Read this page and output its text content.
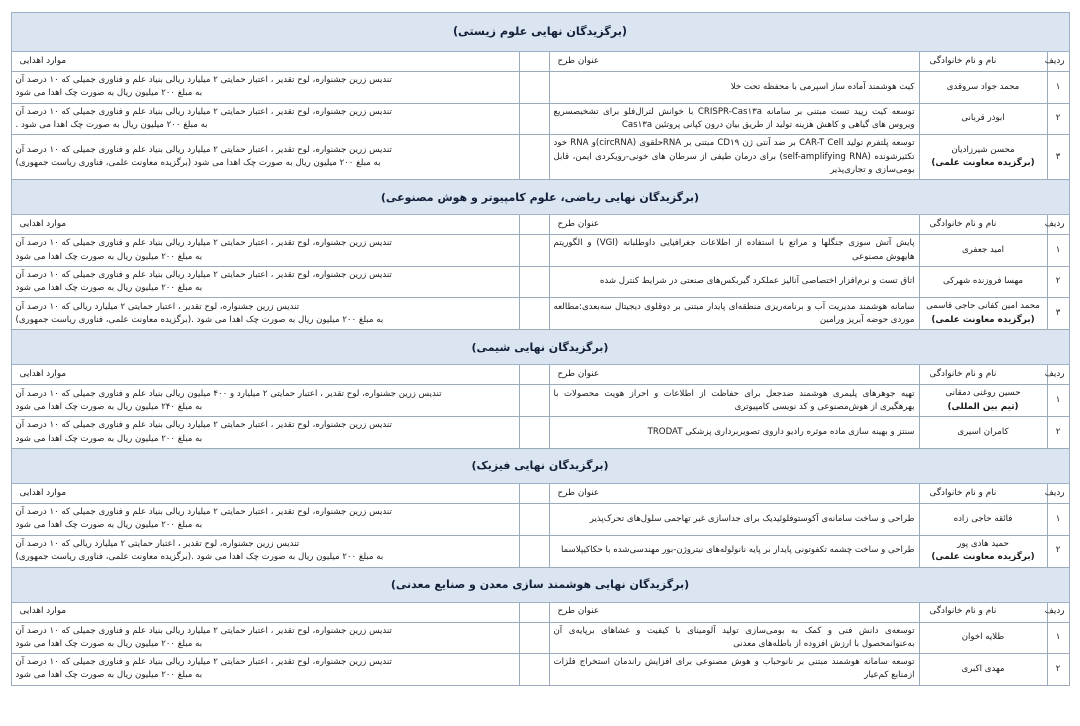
(برگزیدگان نهایی علوم زیستی)				
ردیف	نام و نام خانوادگی	عنوان طرح		موارد اهدایی
۱	محمد جواد سروقدی	کیت هوشمند آماده ساز اسپرمی با محفظه تحت خلا		تندیس زرین جشنواره، لوح تقدیر ، اعتبار حمایتی ۲ میلیارد ریالی بنیاد علم و فناوری جمیلی که ۱۰ درصد آن
به مبلغ ۲۰۰ میلیون ریال به صورت چک اهدا می شود

۲	ابوذر قربانی	توسعه کیت رپید تست مبتنی بر سامانه CRISPR-Cas۱۳a با خوانش لترال‌فلو برای تشخیصسریع ویروس های گیاهی و کاهش هزینه تولید از طریق بیان درون کپانی پروتئین Cas۱۳a		تندیس زرین جشنواره، لوح تقدیر ، اعتبار حمایتی ۲ میلیارد ریالی بنیاد علم و فناوری جمیلی که ۱۰ درصد آن
به مبلغ ۲۰۰ میلیون ریال به صورت چک اهدا می شود .

۳	محسن شیرزادیان
(برگزیده معاونت علمی)	توسعه پلتفرم تولید CAR-T Cell بر ضد آنتی ژن CD۱۹ مبتنی بر RNAحلقوی (circRNA)و RNA خود تکثیرشونده (self-amplifying RNA) برای درمان طیفی از سرطان های خونی-رویکردی ایمن، قابل بومی‌سازی و تجاری‌پذیر		تندیس زرین جشنواره، لوح تقدیر ، اعتبار حمایتی ۲ میلیارد ریالی بنیاد علم و فناوری جمیلی که ۱۰ درصد آن
به مبلغ ۲۰۰ میلیون ریال به صورت چک اهدا می شود (برگزیده معاونت علمی، فناوری ریاست جمهوری)

(برگزیدگان نهایی ریاضی، علوم کامپیوتر و هوش مصنوعی)				
ردیف	نام و نام خانوادگی	عنوان طرح		موارد اهدایی
۱	امید جعفری	پایش آتش سوزی جنگلها و مراتع با استفاده از اطلاعات جغرافیایی داوطلبانه (VGI) و الگوریتم هایهوش مصنوعی		تندیس زرین جشنواره، لوح تقدیر ، اعتبار حمایتی ۲ میلیارد ریالی بنیاد علم و فناوری جمیلی که ۱۰ درصد آن
به مبلغ ۲۰۰ میلیون ریال به صورت چک اهدا می شود

۲	مهسا فروزنده شهرکی	اتاق تست و نرم‌افزار اختصاصی آنالیز عملکرد گیربکس‌های صنعتی در شرایط کنترل شده		تندیس زرین جشنواره، لوح تقدیر ، اعتبار حمایتی ۲ میلیارد ریالی بنیاد علم و فناوری جمیلی که ۱۰ درصد آن
به مبلغ ۲۰۰ میلیون ریال به صورت چک اهدا می شود

۳	محمد امین کفانی حاجی قاسمی
(برگزیده معاونت علمی)	سامانه هوشمند مدیریت آب و برنامه‌ریزی منطقه‌ای پایدار مبتنی بر دوقلوی دیجیتال سه‌بعدی:مطالعه موردی حوضه آبریز ورامین		تندیس زرین جشنواره، لوح تقدیر ، اعتبار حمایتی ۲ میلیارد ریالی که ۱۰ درصد آن
به مبلغ ۲۰۰ میلیون ریال به صورت چک اهدا می شود .(برگزیده معاونت علمی، فناوری ریاست جمهوری)

(برگزیدگان نهایی شیمی)				
ردیف	نام و نام خانوادگی	عنوان طرح		موارد اهدایی
۱	حسین روغنی دمقانی
(تیم بین المللی)	تهیه جوهرهای پلیمری هوشمند ضدجعل برای حفاظت از اطلاعات و احراز هویت محصولات با بهرهگیری از هوش‌مصنوعی و کد نویسی کامپیوتری		تندیس زرین جشنواره، لوح تقدیر ، اعتبار حمایتی ۲ میلیارد و ۴۰۰ میلیون ریالی بنیاد علم و فناوری جمیلی که ۱۰ درصد آن
به مبلغ ۲۴۰ میلیون ریال به صورت چک اهدا می شود

۲	کامران اسیری	سنتز و بهینه سازی ماده موثره رادیو داروی تصویربرداری پزشکی TRODAT		تندیس زرین جشنواره، لوح تقدیر ، اعتبار حمایتی ۲ میلیارد ریالی بنیاد علم و فناوری جمیلی که ۱۰ درصد آن
به مبلغ ۲۰۰ میلیون ریال به صورت چک اهدا می شود

(برگزیدگان نهایی فیزیک)				
ردیف	نام و نام خانوادگی	عنوان طرح		موارد اهدایی
۱	فائقه حاجی زاده	طراحی و ساخت سامانه‌ی آکوستوفلوئیدیک برای جداسازی غیر تهاجمی سلول‌های تحرک‌پذیر		تندیس زرین جشنواره، لوح تقدیر ، اعتبار حمایتی ۲ میلیارد ریالی بنیاد علم و فناوری جمیلی که ۱۰ درصد آن
به مبلغ ۲۰۰ میلیون ریال به صورت چک اهدا می شود

۲	حمید هادی پور
(برگزیده معاونت علمی)	طراحی و ساخت چشمه تکفوتونی پایدار بر پایه نانولوله‌های نیتروژن-بور مهندسی‌شده با حکاکیپلاسما		تندیس زرین جشنواره، لوح تقدیر ، اعتبار حمایتی ۲ میلیارد ریالی که ۱۰ درصد آن
به مبلغ ۲۰۰ میلیون ریال به صورت چک اهدا می شود .(برگزیده معاونت علمی، فناوری ریاست جمهوری)

(برگزیدگان نهایی هوشمند سازی معدن و صنایع معدنی)				
ردیف	نام و نام خانوادگی	عنوان طرح		موارد اهدایی
۱	طلایه اخوان	توسعه‌ی دانش فنی و کمک به بومی‌سازی تولید آلومینای با کیفیت و غشاهای برپایه‌ی آن به‌عنوانمحصول با ارزش افزوده از باطله‌های معدنی		تندیس زرین جشنواره، لوح تقدیر ، اعتبار حمایتی ۲ میلیارد ریالی بنیاد علم و فناوری جمیلی که ۱۰ درصد آن
به مبلغ ۲۰۰ میلیون ریال به صورت چک اهدا می شود

۲	مهدی اکبری	توسعه سامانه هوشمند مبتنی بر نانوحباب و هوش مصنوعی برای افزایش راندمان استخراج فلزات ازمنابع کم‌عیار		تندیس زرین جشنواره، لوح تقدیر ، اعتبار حمایتی ۲ میلیارد ریالی بنیاد علم و فناوری جمیلی که ۱۰ درصد آن
به مبلغ ۲۰۰ میلیون ریال به صورت چک اهدا می شود
